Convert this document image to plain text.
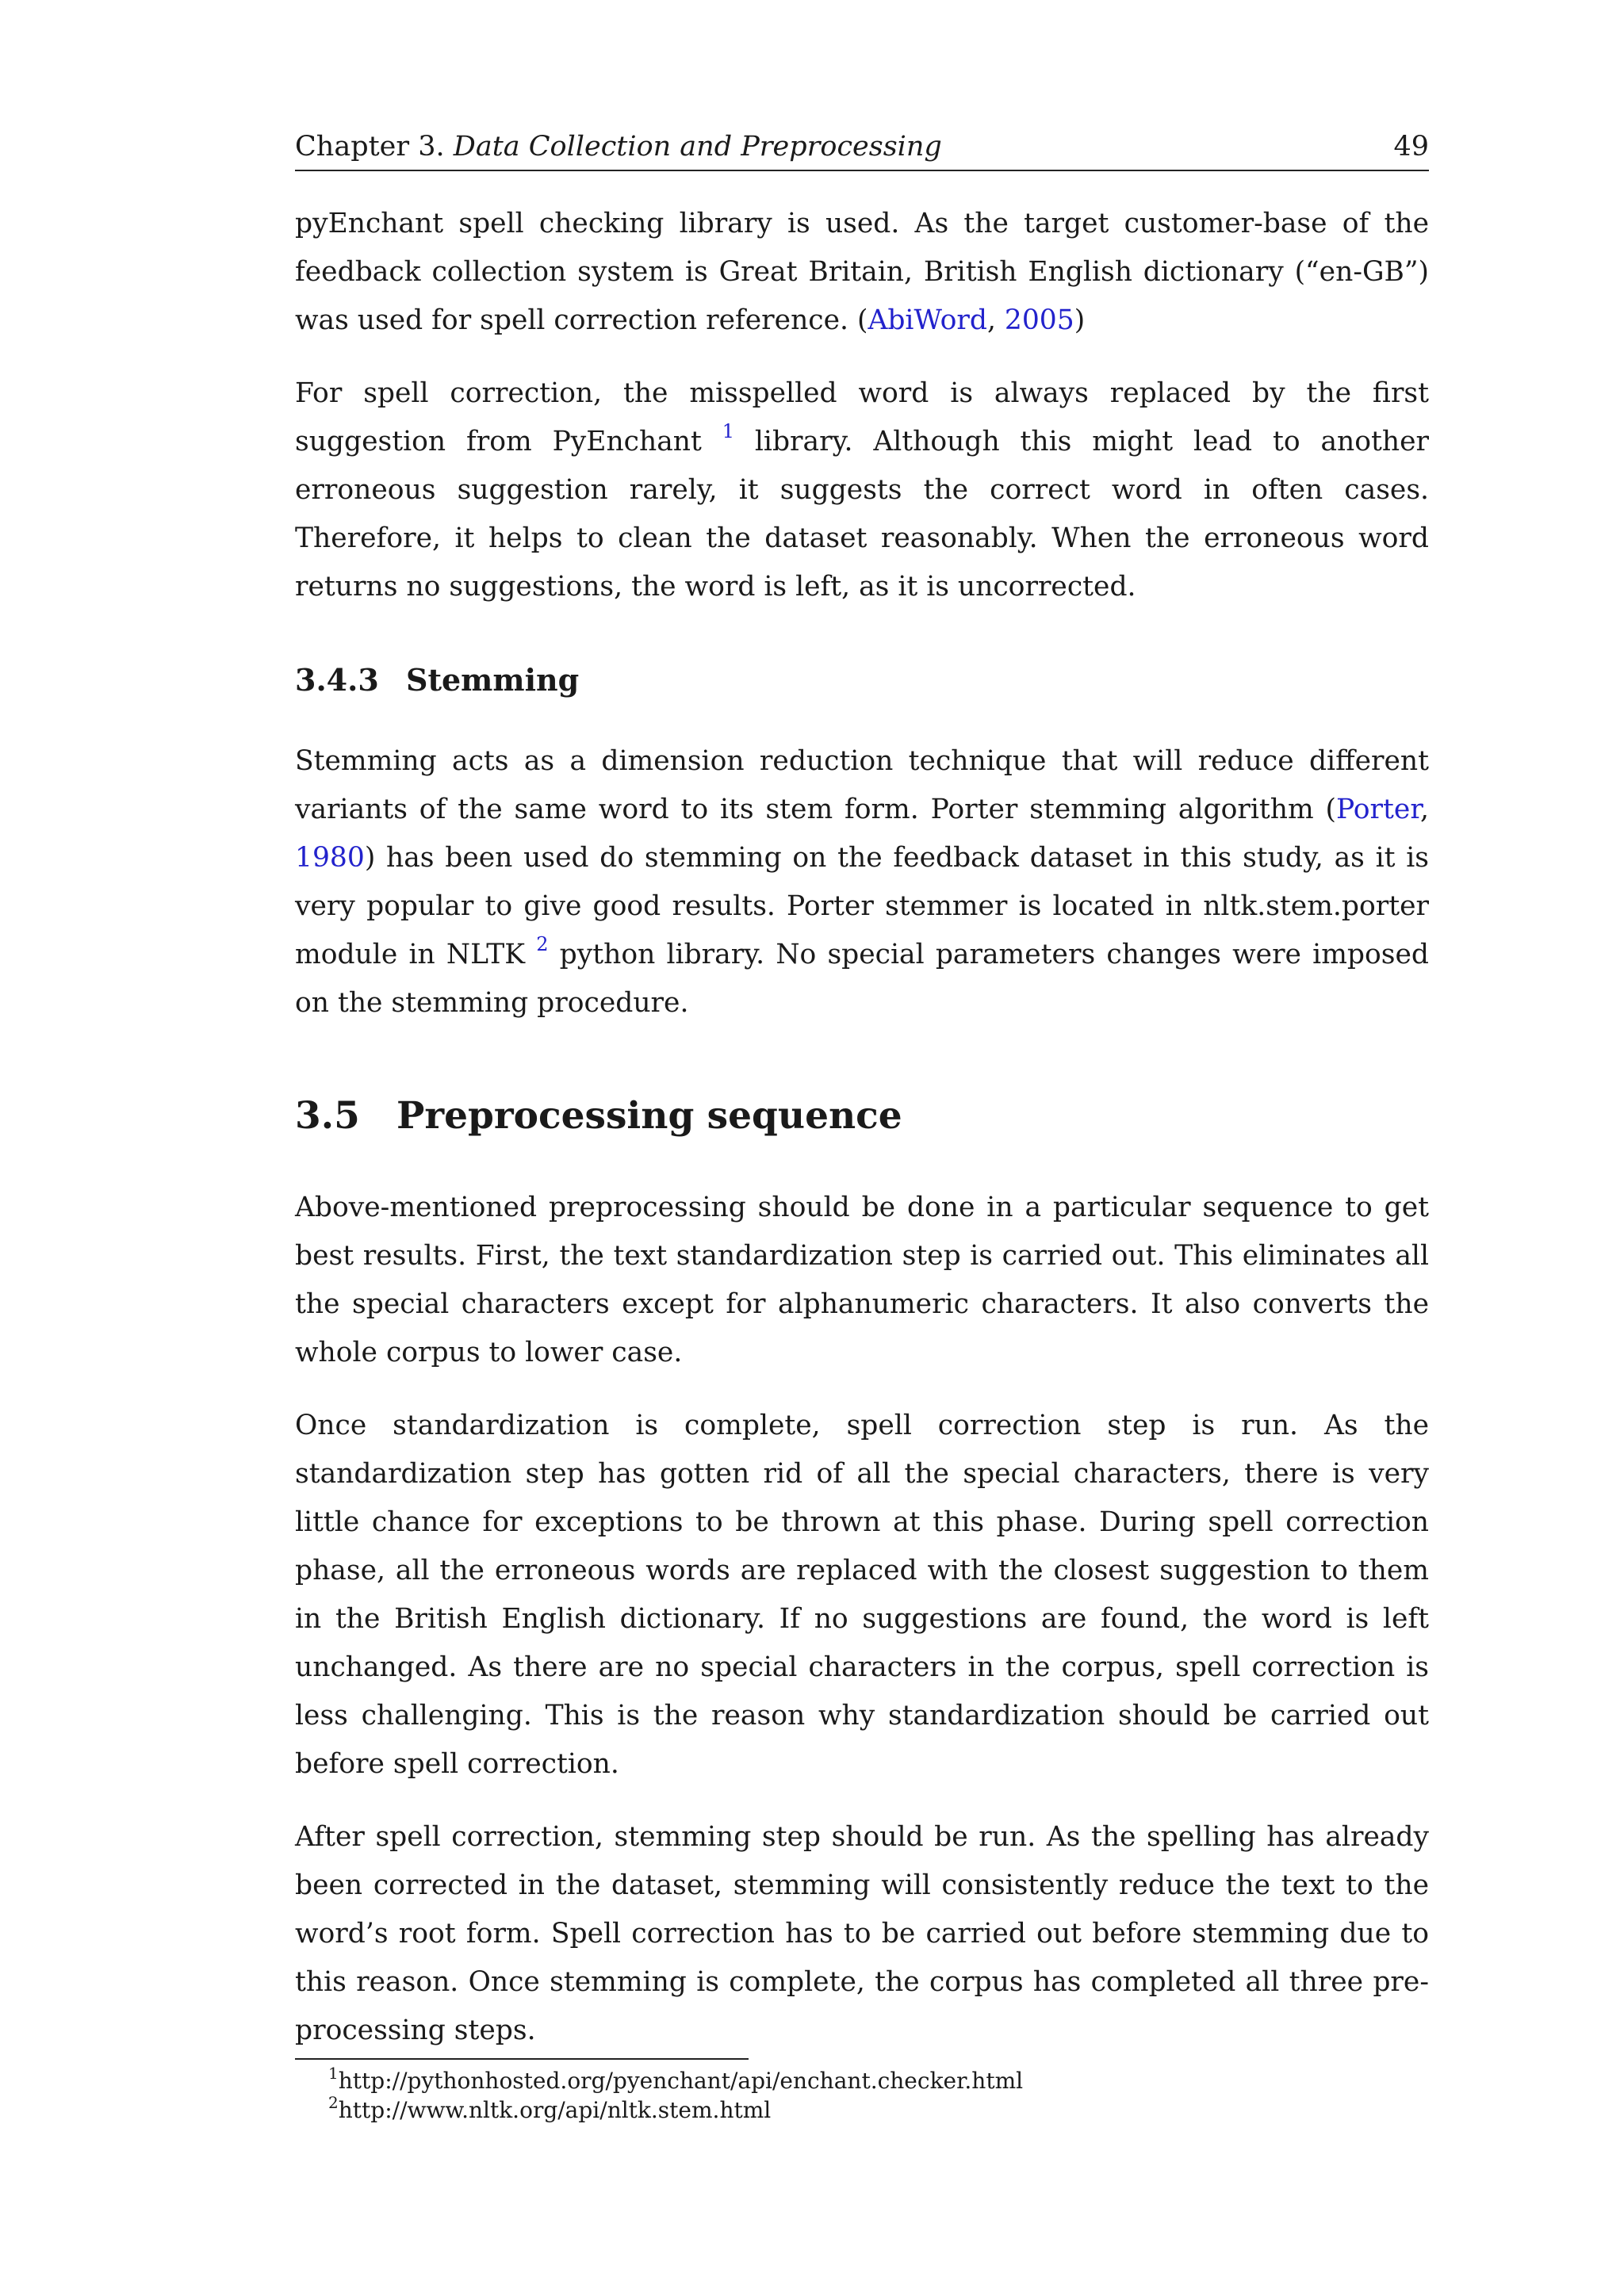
Chapter 3. Data Collection and Preprocessing	49

pyEnchant spell checking library is used. As the target customer-base of the feedback collection system is Great Britain, British English dictionary (“en-GB”) was used for spell correction reference. (AbiWord, 2005)

For spell correction, the misspelled word is always replaced by the first suggestion from PyEnchant $^1$ library. Although this might lead to another erroneous suggestion rarely, it suggests the correct word in often cases. Therefore, it helps to clean the dataset reasonably. When the erroneous word returns no suggestions, the word is left, as it is uncorrected.

3.4.3 Stemming

Stemming acts as a dimension reduction technique that will reduce different variants of the same word to its stem form. Porter stemming algorithm (Porter, 1980) has been used do stemming on the feedback dataset in this study, as it is very popular to give good results. Porter stemmer is located in nltk.stem.porter module in NLTK $^2$ python library. No special parameters changes were imposed on the stemming procedure.

3.5 Preprocessing sequence

Above-mentioned preprocessing should be done in a particular sequence to get best results. First, the text standardization step is carried out. This eliminates all the special characters except for alphanumeric characters. It also converts the whole corpus to lower case.

Once standardization is complete, spell correction step is run. As the standardization step has gotten rid of all the special characters, there is very little chance for exceptions to be thrown at this phase. During spell correction phase, all the erroneous words are replaced with the closest suggestion to them in the British English dictionary. If no suggestions are found, the word is left unchanged. As there are no special characters in the corpus, spell correction is less challenging. This is the reason why standardization should be carried out before spell correction.

After spell correction, stemming step should be run. As the spelling has already been corrected in the dataset, stemming will consistently reduce the text to the word’s root form. Spell correction has to be carried out before stemming due to this reason. Once stemming is complete, the corpus has completed all three pre-processing steps.

$^1$http://pythonhosted.org/pyenchant/api/enchant.checker.html

$^2$http://www.nltk.org/api/nltk.stem.html
